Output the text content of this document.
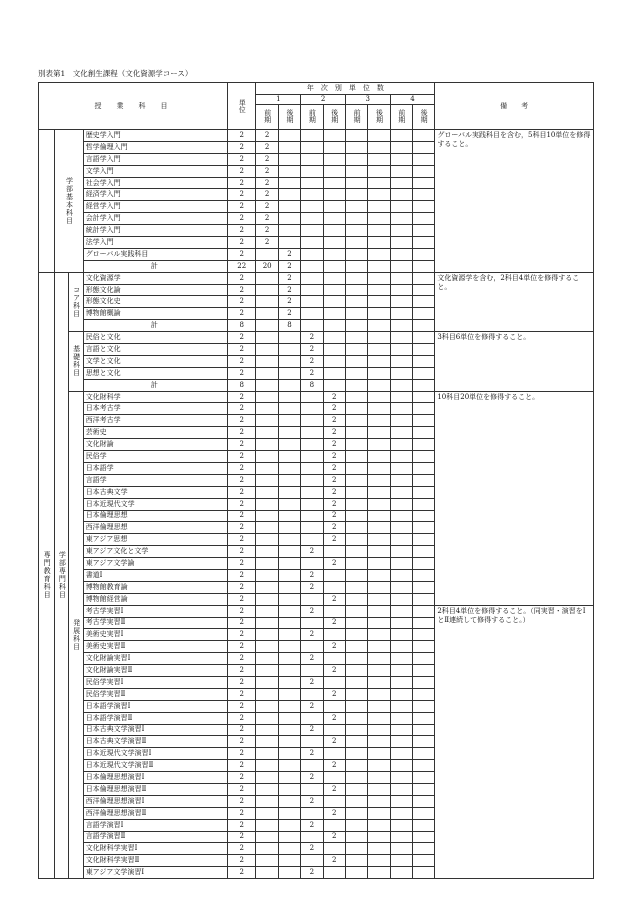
別表第1　文化創生課程（文化資源学コース）
授　業　科　目				単位	年　次　別　単　位　数								備　　考
					1		2		3		4		
					前期	後期	前期	後期	前期	後期	前期	後期	
	学部基本科目		歴史学入門	2	2								グローバル実践科目を含む，5科目10単位を修得すること。
			哲学倫理入門	2	2								
			言語学入門	2	2								
			文学入門	2	2								
			社会学入門	2	2								
			経済学入門	2	2								
			経営学入門	2	2								
			会計学入門	2	2								
			統計学入門	2	2								
			法学入門	2	2								
			グローバル実践科目	2		2							
			計	22	20	2							
専門教育科目	学部専門科目	コア科目	文化資源学	2		2							文化資源学を含む，2科目4単位を修得すること。
			形態文化論	2		2							
			形態文化史	2		2							
			博物館概論	2		2							
			計	8		8							
		基礎科目	民俗と文化	2			2						3科目6単位を修得すること。
			言語と文化	2			2						
			文学と文化	2			2						
			思想と文化	2			2						
			計	8			8						
		発展科目	文化財科学	2				2					10科目20単位を修得すること。
			日本考古学	2				2					
			西洋考古学	2				2					
			芸術史	2				2					
			文化財論	2				2					
			民俗学	2				2					
			日本語学	2				2					
			言語学	2				2					
			日本古典文学	2				2					
			日本近現代文学	2				2					
			日本倫理思想	2				2					
			西洋倫理思想	2				2					
			東アジア思想	2				2					
			東アジア文化と文学	2			2						
			東アジア文学論	2				2					
			書道Ⅰ	2			2						
			博物館教育論	2			2						
			博物館経営論	2				2					
			考古学実習Ⅰ	2			2						2科目4単位を修得すること。（同実習・演習をⅠとⅡ連続して修得すること。）
			考古学実習Ⅱ	2				2					
			美術史実習Ⅰ	2			2						
			美術史実習Ⅱ	2				2					
			文化財論実習Ⅰ	2			2						
			文化財論実習Ⅱ	2				2					
			民俗学実習Ⅰ	2			2						
			民俗学実習Ⅱ	2				2					
			日本語学演習Ⅰ	2			2						
			日本語学演習Ⅱ	2				2					
			日本古典文学演習Ⅰ	2			2						
			日本古典文学演習Ⅱ	2				2					
			日本近現代文学演習Ⅰ	2			2						
			日本近現代文学演習Ⅱ	2				2					
			日本倫理思想演習Ⅰ	2			2						
			日本倫理思想演習Ⅱ	2				2					
			西洋倫理思想演習Ⅰ	2			2						
			西洋倫理思想演習Ⅱ	2				2					
			言語学演習Ⅰ	2			2						
			言語学演習Ⅱ	2				2					
			文化財科学実習Ⅰ	2			2						
			文化財科学実習Ⅱ	2				2					
			東アジア文学演習Ⅰ	2			2						
